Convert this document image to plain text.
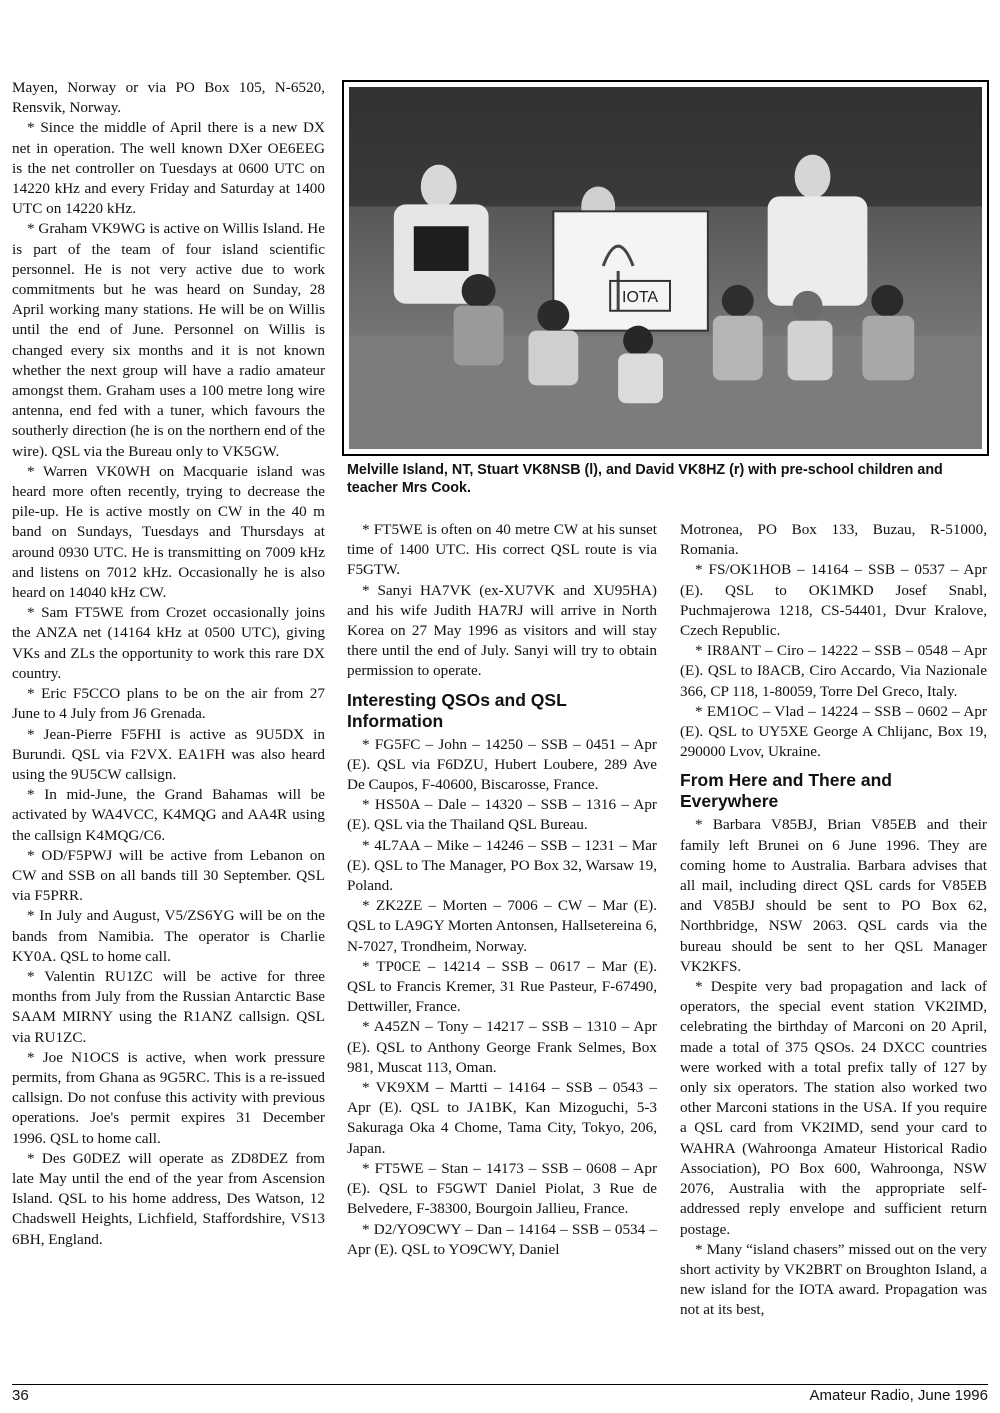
Mayen, Norway or via PO Box 105, N-6520, Rensvik, Norway.

* Since the middle of April there is a new DX net in operation. The well known DXer OE6EEG is the net controller on Tuesdays at 0600 UTC on 14220 kHz and every Friday and Saturday at 1400 UTC on 14220 kHz.

* Graham VK9WG is active on Willis Island. He is part of the team of four island scientific personnel. He is not very active due to work commitments but he was heard on Sunday, 28 April working many stations. He will be on Willis until the end of June. Personnel on Willis is changed every six months and it is not known whether the next group will have a radio amateur amongst them. Graham uses a 100 metre long wire antenna, end fed with a tuner, which favours the southerly direction (he is on the northern end of the wire). QSL via the Bureau only to VK5GW.

* Warren VK0WH on Macquarie island was heard more often recently, trying to decrease the pile-up. He is active mostly on CW in the 40 m band on Sundays, Tuesdays and Thursdays at around 0930 UTC. He is transmitting on 7009 kHz and listens on 7012 kHz. Occasionally he is also heard on 14040 kHz CW.

* Sam FT5WE from Crozet occasionally joins the ANZA net (14164 kHz at 0500 UTC), giving VKs and ZLs the opportunity to work this rare DX country.

* Eric F5CCO plans to be on the air from 27 June to 4 July from J6 Grenada.

* Jean-Pierre F5FHI is active as 9U5DX in Burundi. QSL via F2VX. EA1FH was also heard using the 9U5CW callsign.

* In mid-June, the Grand Bahamas will be activated by WA4VCC, K4MQG and AA4R using the callsign K4MQG/C6.

* OD/F5PWJ will be active from Lebanon on CW and SSB on all bands till 30 September. QSL via F5PRR.

* In July and August, V5/ZS6YG will be on the bands from Namibia. The operator is Charlie KY0A. QSL to home call.

* Valentin RU1ZC will be active for three months from July from the Russian Antarctic Base SAAM MIRNY using the R1ANZ callsign. QSL via RU1ZC.

* Joe N1OCS is active, when work pressure permits, from Ghana as 9G5RC. This is a re-issued callsign. Do not confuse this activity with previous operations. Joe's permit expires 31 December 1996. QSL to home call.

* Des G0DEZ will operate as ZD8DEZ from late May until the end of the year from Ascension Island. QSL to his home address, Des Watson, 12 Chadswell Heights, Lichfield, Staffordshire, VS13 6BH, England.

IOTA
Melville Island, NT, Stuart VK8NSB (l), and David VK8HZ (r) with pre-school children and teacher Mrs Cook.

* FT5WE is often on 40 metre CW at his sunset time of 1400 UTC. His correct QSL route is via F5GTW.

* Sanyi HA7VK (ex-XU7VK and XU95HA) and his wife Judith HA7RJ will arrive in North Korea on 27 May 1996 as visitors and will stay there until the end of July. Sanyi will try to obtain permission to operate.

Interesting QSOs and QSL Information

* FG5FC – John – 14250 – SSB – 0451 – Apr (E). QSL via F6DZU, Hubert Loubere, 289 Ave De Caupos, F-40600, Biscarosse, France.

* HS50A – Dale – 14320 – SSB – 1316 – Apr (E). QSL via the Thailand QSL Bureau.

* 4L7AA – Mike – 14246 – SSB – 1231 – Mar (E). QSL to The Manager, PO Box 32, Warsaw 19, Poland.

* ZK2ZE – Morten – 7006 – CW – Mar (E). QSL to LA9GY Morten Antonsen, Hallsetereina 6, N-7027, Trondheim, Norway.

* TP0CE – 14214 – SSB – 0617 – Mar (E). QSL to Francis Kremer, 31 Rue Pasteur, F-67490, Dettwiller, France.

* A45ZN – Tony – 14217 – SSB – 1310 – Apr (E). QSL to Anthony George Frank Selmes, Box 981, Muscat 113, Oman.

* VK9XM – Martti – 14164 – SSB – 0543 – Apr (E). QSL to JA1BK, Kan Mizoguchi, 5-3 Sakuraga Oka 4 Chome, Tama City, Tokyo, 206, Japan.

* FT5WE – Stan – 14173 – SSB – 0608 – Apr (E). QSL to F5GWT Daniel Piolat, 3 Rue de Belvedere, F-38300, Bourgoin Jallieu, France.

* D2/YO9CWY – Dan – 14164 – SSB – 0534 – Apr (E). QSL to YO9CWY, Daniel

Motronea, PO Box 133, Buzau, R-51000, Romania.

* FS/OK1HOB – 14164 – SSB – 0537 – Apr (E). QSL to OK1MKD Josef Snabl, Puchmajerowa 1218, CS-54401, Dvur Kralove, Czech Republic.

* IR8ANT – Ciro – 14222 – SSB – 0548 – Apr (E). QSL to I8ACB, Ciro Accardo, Via Nazionale 366, CP 118, 1-80059, Torre Del Greco, Italy.

* EM1OC – Vlad – 14224 – SSB – 0602 – Apr (E). QSL to UY5XE George A Chlijanc, Box 19, 290000 Lvov, Ukraine.

From Here and There and Everywhere

* Barbara V85BJ, Brian V85EB and their family left Brunei on 6 June 1996. They are coming home to Australia. Barbara advises that all mail, including direct QSL cards for V85EB and V85BJ should be sent to PO Box 62, Northbridge, NSW 2063. QSL cards via the bureau should be sent to her QSL Manager VK2KFS.

* Despite very bad propagation and lack of operators, the special event station VK2IMD, celebrating the birthday of Marconi on 20 April, made a total of 375 QSOs. 24 DXCC countries were worked with a total prefix tally of 127 by only six operators. The station also worked two other Marconi stations in the USA. If you require a QSL card from VK2IMD, send your card to WAHRA (Wahroonga Amateur Historical Radio Association), PO Box 600, Wahroonga, NSW 2076, Australia with the appropriate self-addressed reply envelope and sufficient return postage.

* Many “island chasers” missed out on the very short activity by VK2BRT on Broughton Island, a new island for the IOTA award. Propagation was not at its best,

36	Amateur Radio, June 1996
